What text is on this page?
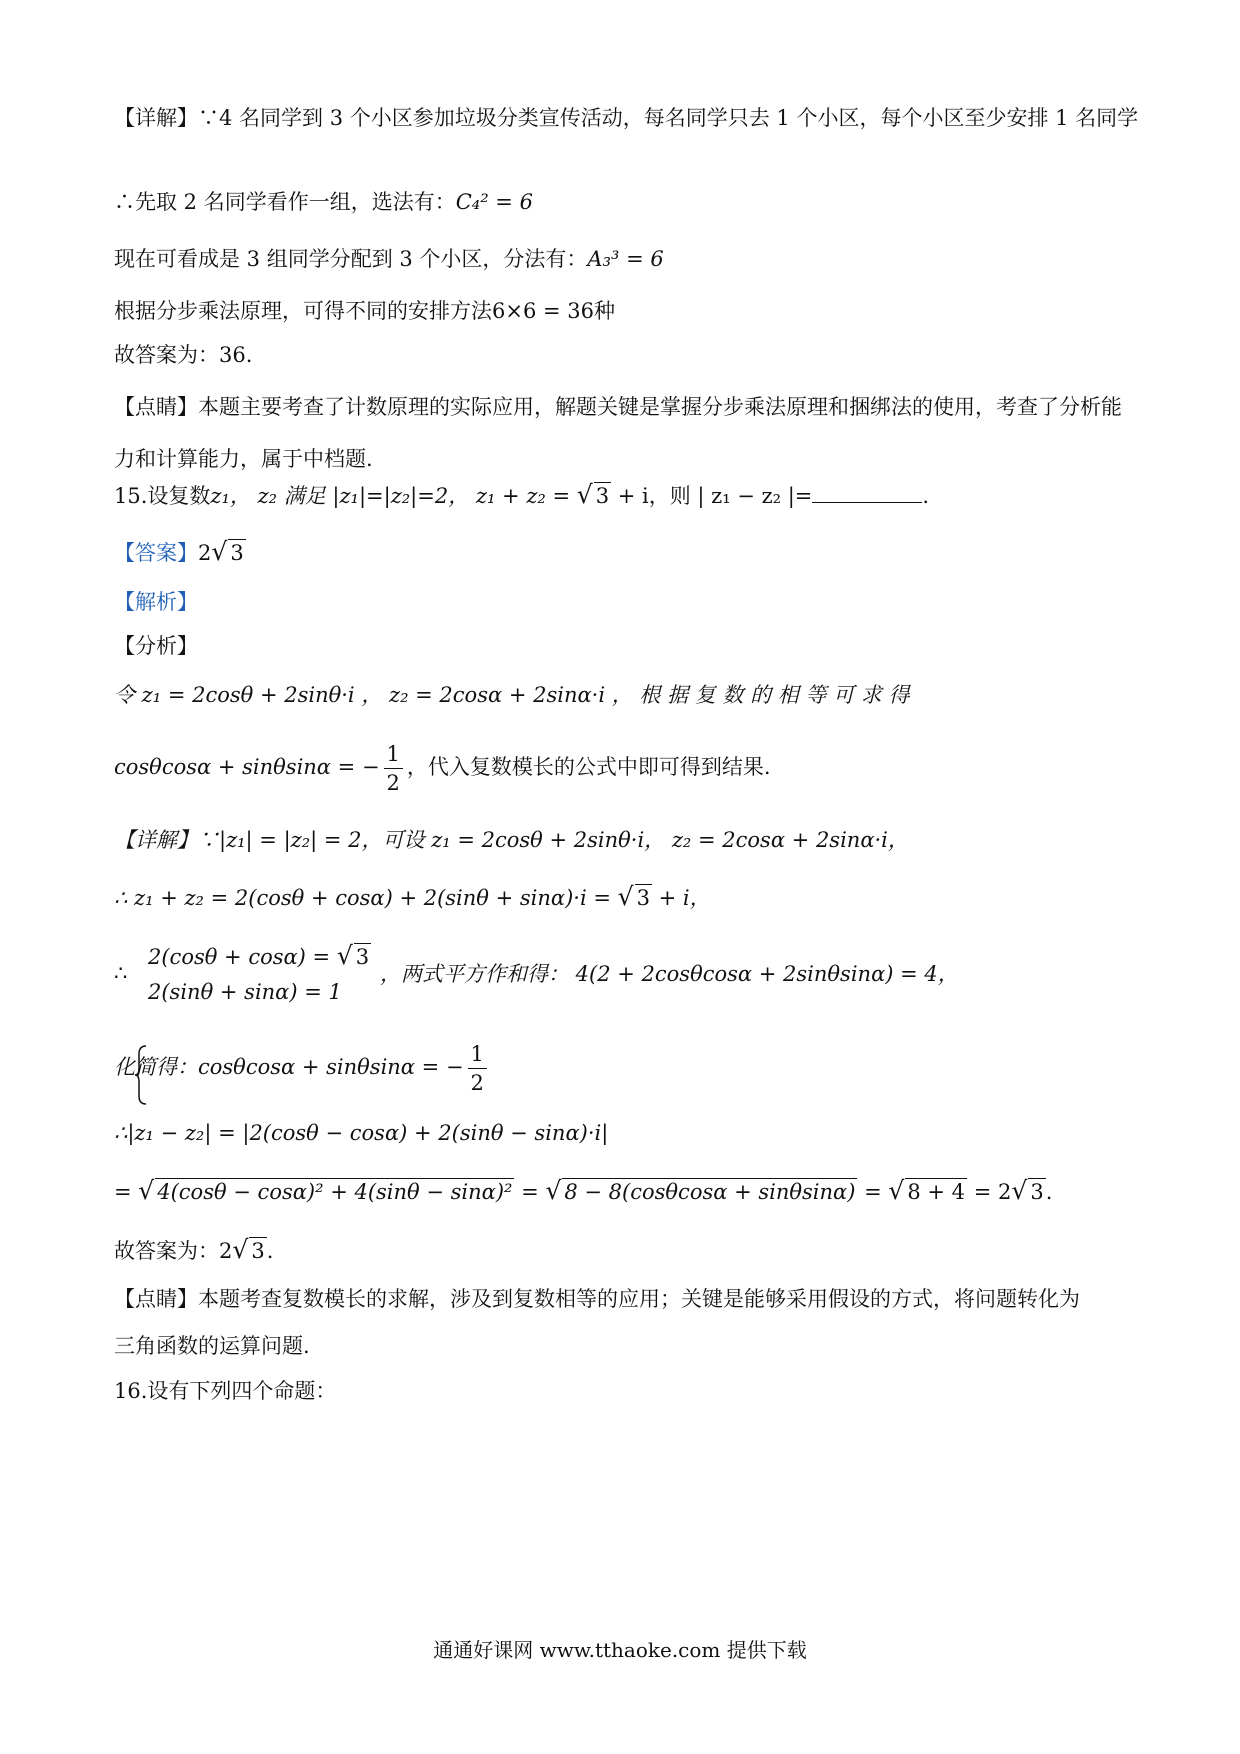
【详解】∵4 名同学到 3 个小区参加垃圾分类宣传活动，每名同学只去 1 个小区，每个小区至少安排 1 名同学
∴先取 2 名同学看作一组，选法有：C₄² = 6
现在可看成是 3 组同学分配到 3 个小区，分法有：A₃³ = 6
根据分步乘法原理，可得不同的安排方法6×6 = 36种
故答案为：36.
【点睛】本题主要考查了计数原理的实际应用，解题关键是掌握分步乘法原理和捆绑法的使用，考查了分析能力和计算能力，属于中档题.
15.设复数z₁， z₂ 满足 |z₁|=|z₂|=2， z₁ + z₂ = √ 3 + i，则 | z₁ − z₂ |=	.
【答案】2√ 3
【解析】
【分析】
令 z₁ = 2cosθ + 2sinθ·i ， z₂ = 2cosα + 2sinα·i ， 根 据 复 数 的 相 等 可 求 得
cosθcosα + sinθsinα = − $\frac{1}{2}$ ，代入复数模长的公式中即可得到结果.
【详解】∵|z₁| = |z₂| = 2，可设 z₁ = 2cosθ + 2sinθ·i， z₂ = 2cosα + 2sinα·i，
∴ z₁ + z₂ = 2(cosθ + cosα) + 2(sinθ + sinα)·i = √ 3 + i，
∴
2(cosθ + cosα) = √ 3
2(sinθ + sinα) = 1
，两式平方作和得： 4(2 + 2cosθcosα + 2sinθsinα) = 4，
化简得：cosθcosα + sinθsinα = − $\frac{1}{2}$
∴|z₁ − z₂| = |2(cosθ − cosα) + 2(sinθ − sinα)·i|
= √ 4(cosθ − cosα)² + 4(sinθ − sinα)² = √ 8 − 8(cosθcosα + sinθsinα) = √ 8 + 4 = 2√ 3.
故答案为：2√ 3.
【点睛】本题考查复数模长的求解，涉及到复数相等的应用；关键是能够采用假设的方式，将问题转化为
三角函数的运算问题.
16.设有下列四个命题：
通通好课网 www.tthaoke.com 提供下载
